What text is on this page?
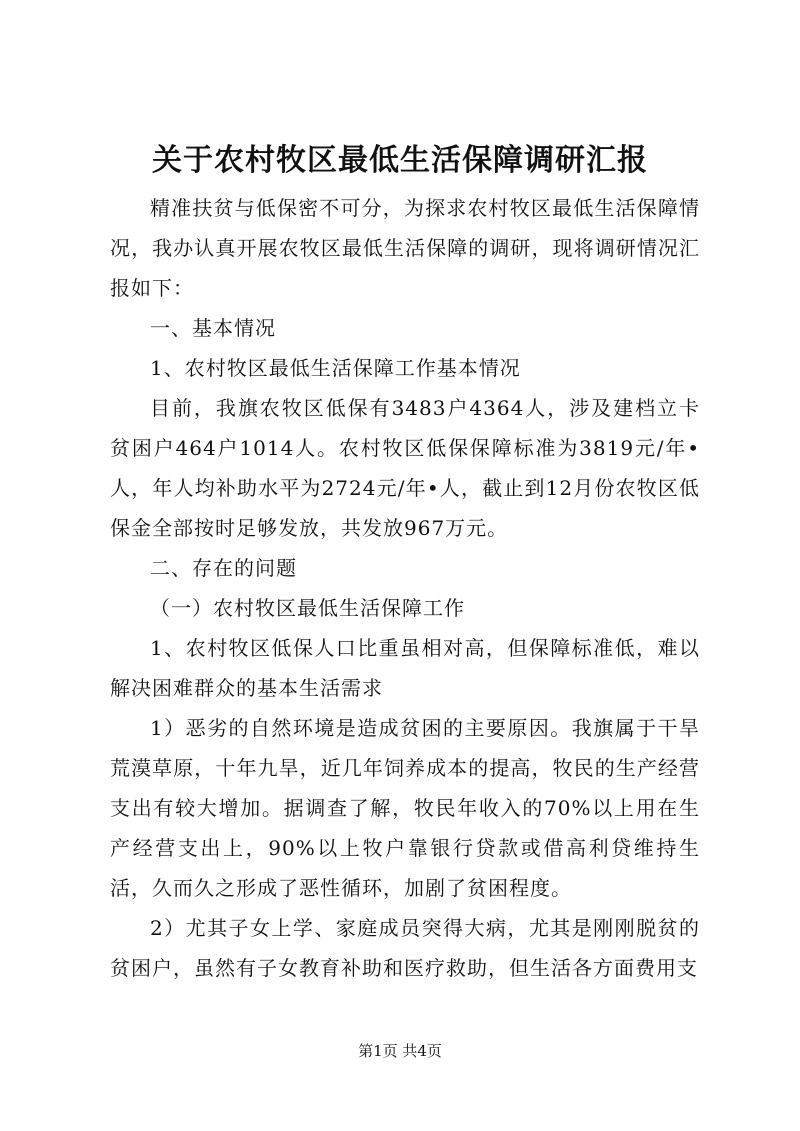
关于农村牧区最低生活保障调研汇报

精准扶贫与低保密不可分，为探求农村牧区最低生活保障情况，我办认真开展农牧区最低生活保障的调研，现将调研情况汇报如下：

一、基本情况

1、农村牧区最低生活保障工作基本情况

目前，我旗农牧区低保有3483户4364人，涉及建档立卡贫困户464户1014人。农村牧区低保保障标准为3819元/年•人，年人均补助水平为2724元/年•人，截止到12月份农牧区低保金全部按时足够发放，共发放967万元。

二、存在的问题

（一）农村牧区最低生活保障工作

1、农村牧区低保人口比重虽相对高，但保障标准低，难以解决困难群众的基本生活需求

1）恶劣的自然环境是造成贫困的主要原因。我旗属于干旱荒漠草原，十年九旱，近几年饲养成本的提高，牧民的生产经营支出有较大增加。据调查了解，牧民年收入的70%以上用在生产经营支出上，90%以上牧户靠银行贷款或借高利贷维持生活，久而久之形成了恶性循环，加剧了贫困程度。

2）尤其子女上学、家庭成员突得大病，尤其是刚刚脱贫的贫困户，虽然有子女教育补助和医疗救助，但生活各方面费用支

第1页 共4页
